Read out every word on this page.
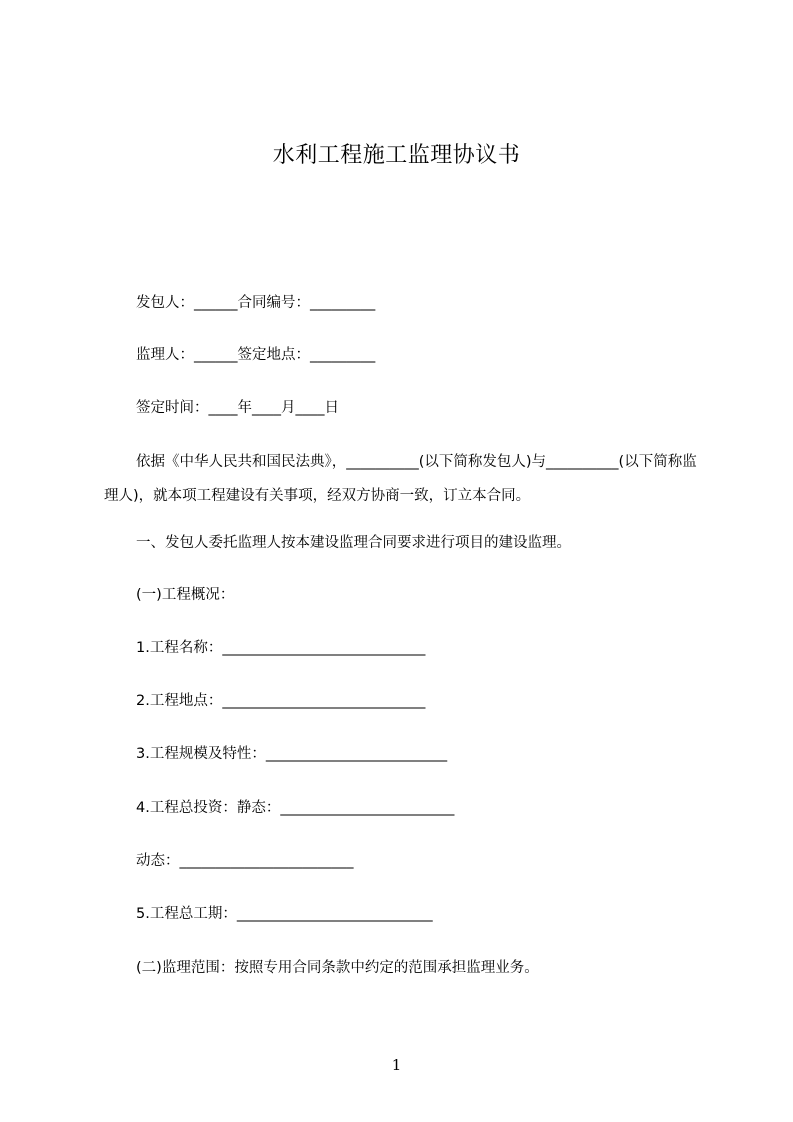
水利工程施工监理协议书
发包人：______合同编号：_________
监理人：______签定地点：_________
签定时间：____年____月____日
依据《中华人民共和国民法典》，__________(以下简称发包人)与__________(以下简称监理人)，就本项工程建设有关事项，经双方协商一致，订立本合同。
一、发包人委托监理人按本建设监理合同要求进行项目的建设监理。
(一)工程概况：
1.工程名称：____________________________
2.工程地点：____________________________
3.工程规模及特性：_________________________
4.工程总投资：静态：________________________
动态：________________________
5.工程总工期：___________________________
(二)监理范围：按照专用合同条款中约定的范围承担监理业务。
1
